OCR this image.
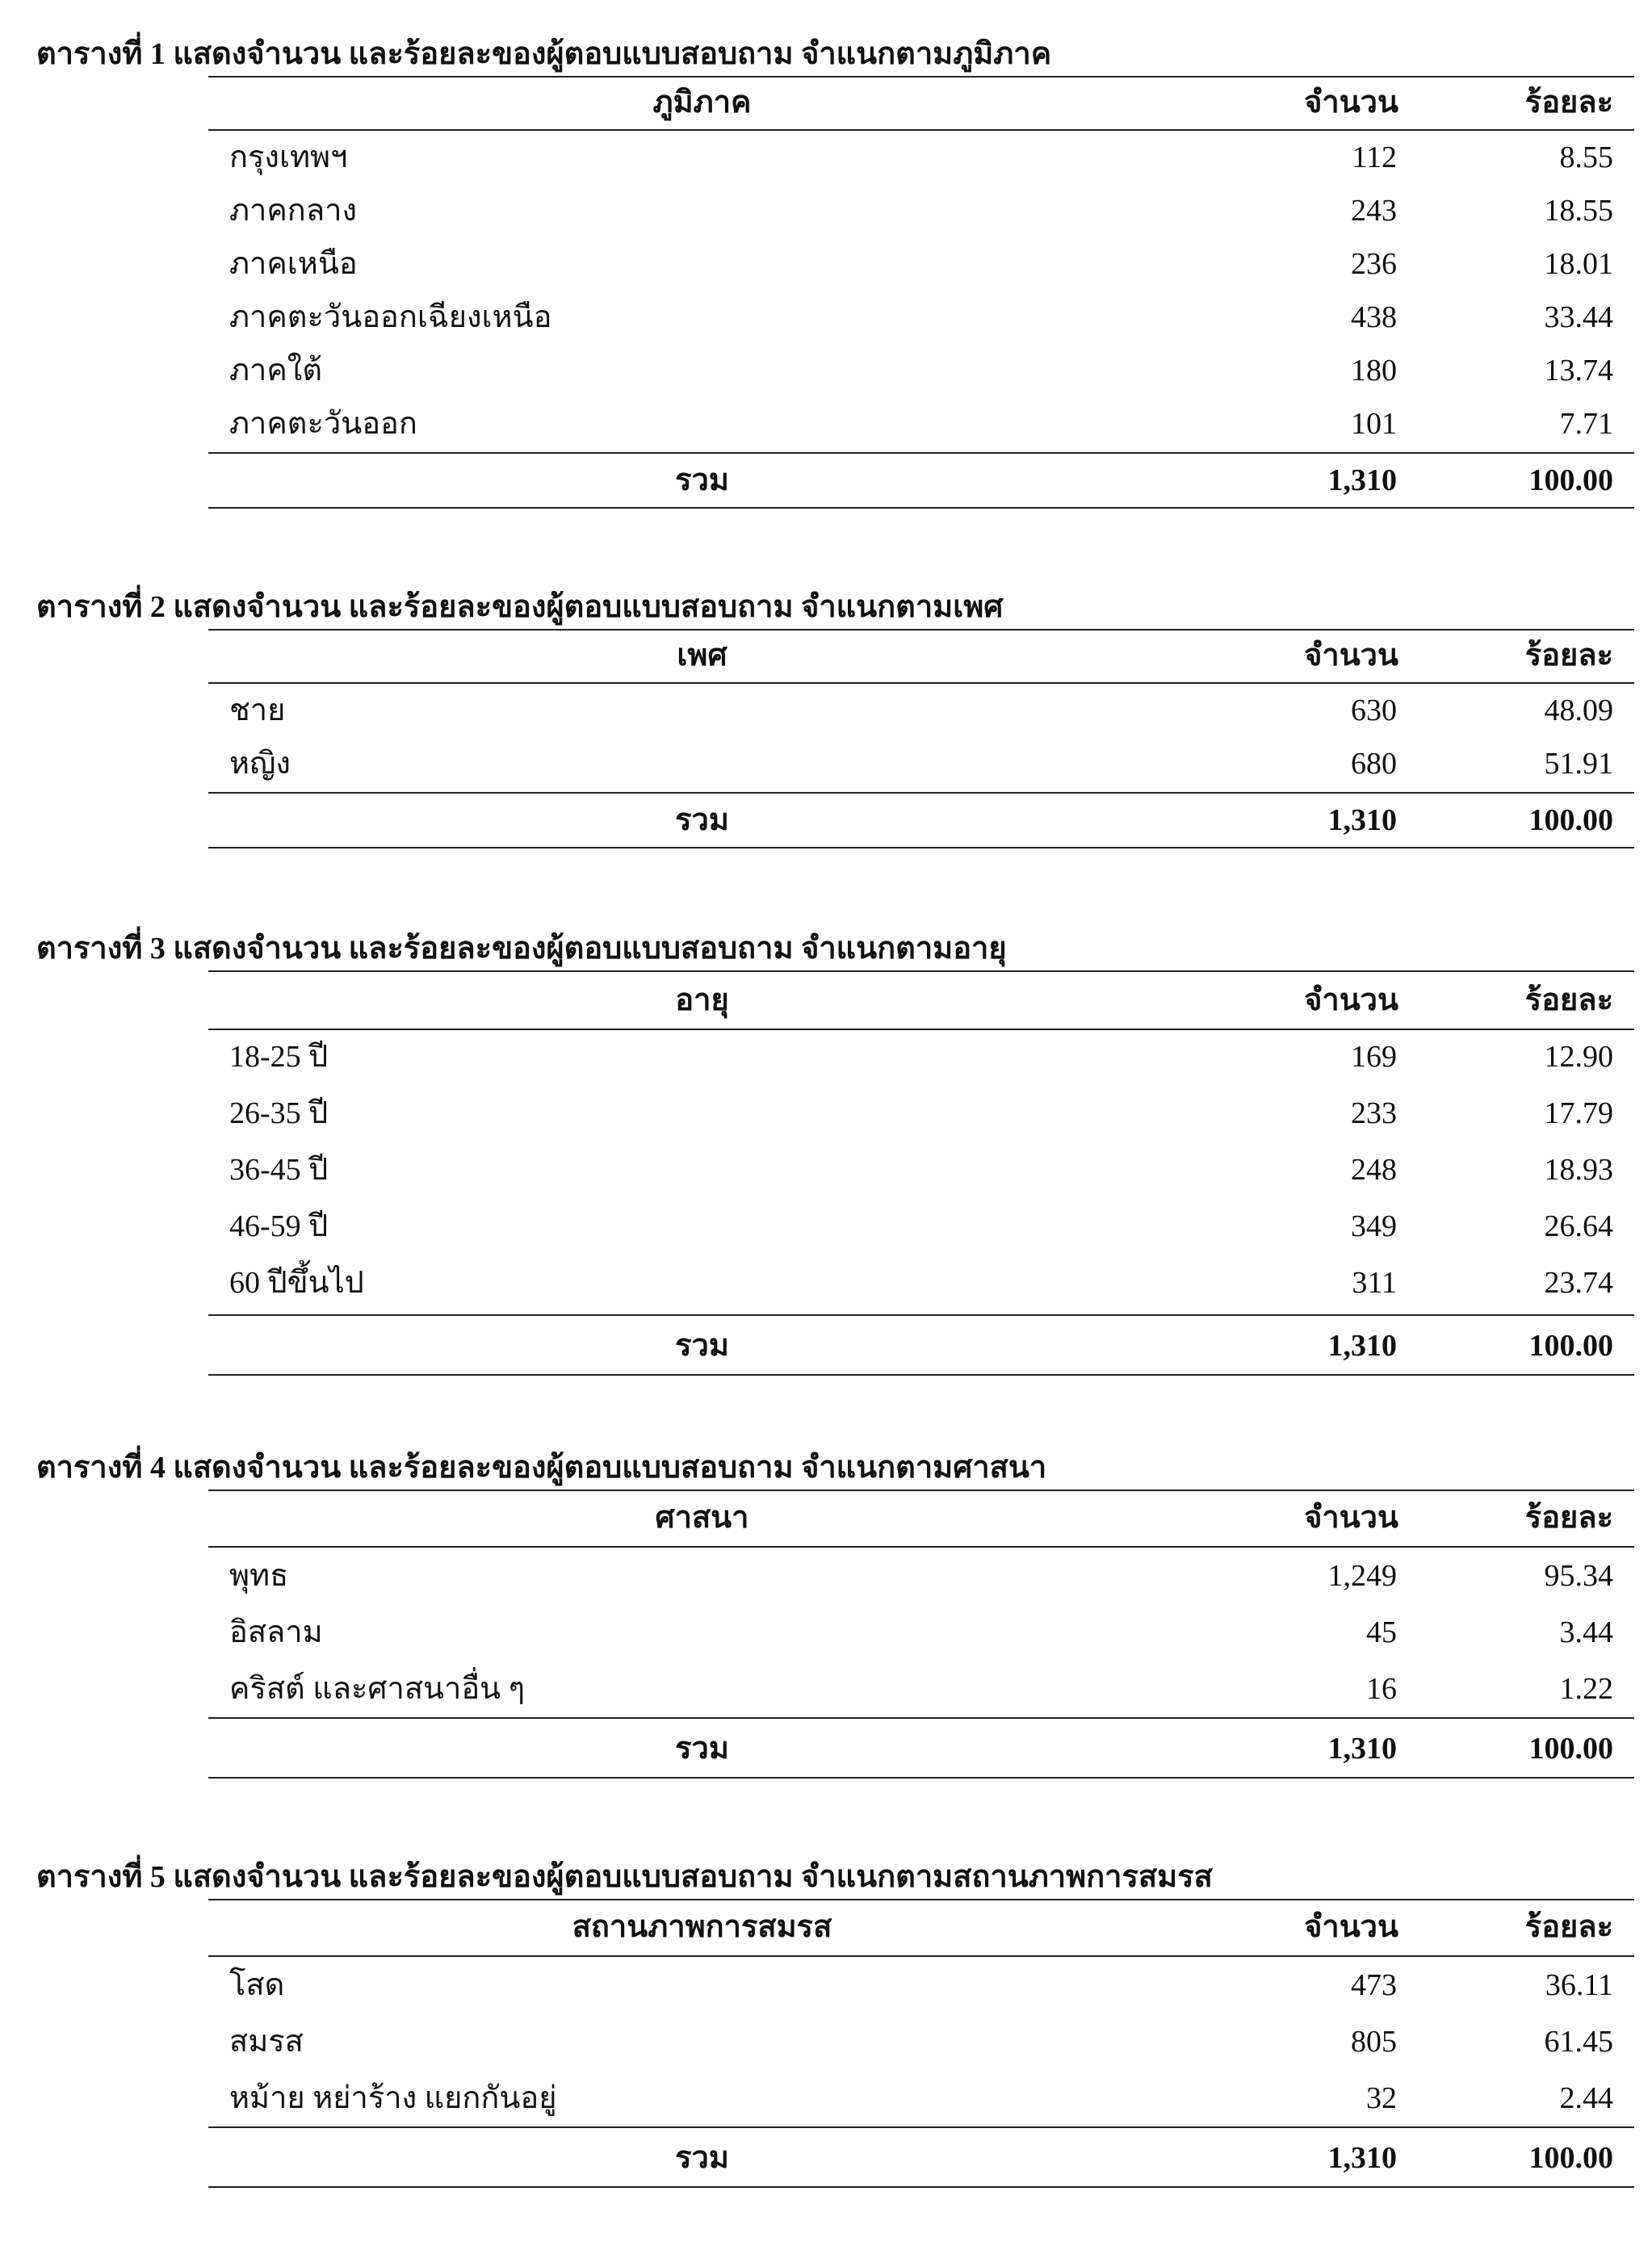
ตารางที่ 1 แสดงจำนวน และร้อยละของผู้ตอบแบบสอบถาม จำแนกตามภูมิภาค
ภูมิภาค	จำนวน	ร้อยละ
กรุงเทพฯ	112	8.55
ภาคกลาง	243	18.55
ภาคเหนือ	236	18.01
ภาคตะวันออกเฉียงเหนือ	438	33.44
ภาคใต้	180	13.74
ภาคตะวันออก	101	7.71
รวม	1,310	100.00
ตารางที่ 2 แสดงจำนวน และร้อยละของผู้ตอบแบบสอบถาม จำแนกตามเพศ
เพศ	จำนวน	ร้อยละ
ชาย	630	48.09
หญิง	680	51.91
รวม	1,310	100.00
ตารางที่ 3 แสดงจำนวน และร้อยละของผู้ตอบแบบสอบถาม จำแนกตามอายุ
อายุ	จำนวน	ร้อยละ
18-25 ปี	169	12.90
26-35 ปี	233	17.79
36-45 ปี	248	18.93
46-59 ปี	349	26.64
60 ปีขึ้นไป	311	23.74
รวม	1,310	100.00
ตารางที่ 4 แสดงจำนวน และร้อยละของผู้ตอบแบบสอบถาม จำแนกตามศาสนา
ศาสนา	จำนวน	ร้อยละ
พุทธ	1,249	95.34
อิสลาม	45	3.44
คริสต์ และศาสนาอื่น ๆ	16	1.22
รวม	1,310	100.00
ตารางที่ 5 แสดงจำนวน และร้อยละของผู้ตอบแบบสอบถาม จำแนกตามสถานภาพการสมรส
สถานภาพการสมรส	จำนวน	ร้อยละ
โสด	473	36.11
สมรส	805	61.45
หม้าย หย่าร้าง แยกกันอยู่	32	2.44
รวม	1,310	100.00
